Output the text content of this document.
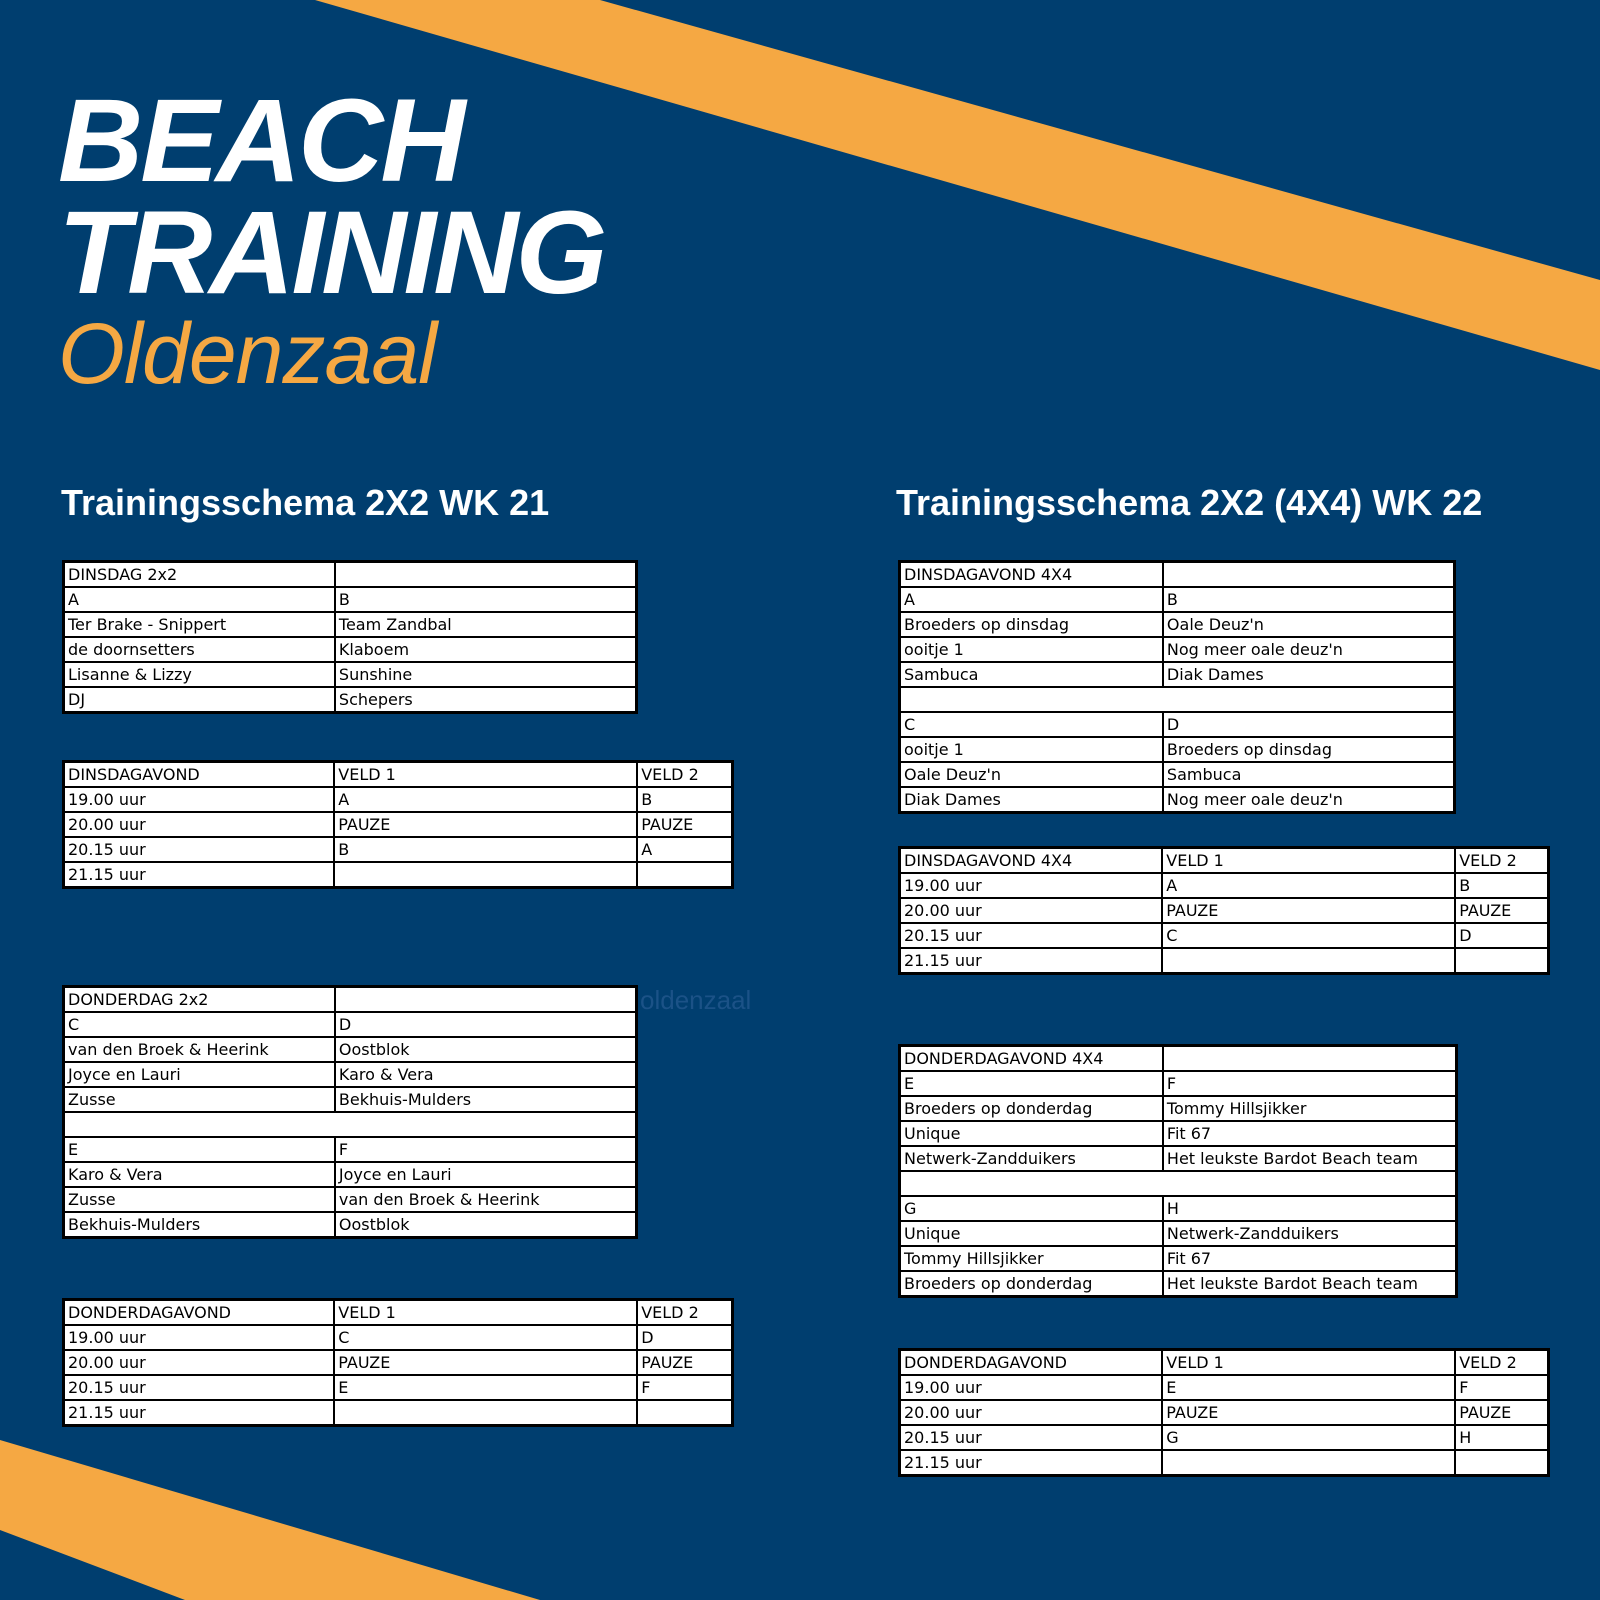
BEACH
TRAINING
Oldenzaal
Trainingsschema 2X2 WK 21	Trainingsschema 2X2 (4X4) WK 22
oldenzaal
DINSDAG 2x2	
A	B
Ter Brake - Snippert	Team Zandbal
de doornsetters	Klaboem
Lisanne & Lizzy	Sunshine
DJ	Schepers
DINSDAGAVOND	VELD 1	VELD 2
19.00 uur	A	B
20.00 uur	PAUZE	PAUZE
20.15 uur	B	A
21.15 uur		
DONDERDAG 2x2	
C	D
van den Broek & Heerink	Oostblok
Joyce en Lauri	Karo & Vera
Zusse	Bekhuis-Mulders

E	F
Karo & Vera	Joyce en Lauri
Zusse	van den Broek & Heerink
Bekhuis-Mulders	Oostblok
DONDERDAGAVOND	VELD 1	VELD 2
19.00 uur	C	D
20.00 uur	PAUZE	PAUZE
20.15 uur	E	F
21.15 uur		
DINSDAGAVOND 4X4	
A	B
Broeders op dinsdag	Oale Deuz'n
ooitje 1	Nog meer oale deuz'n
Sambuca	Diak Dames

C	D
ooitje 1	Broeders op dinsdag
Oale Deuz'n	Sambuca
Diak Dames	Nog meer oale deuz'n
DINSDAGAVOND 4X4	VELD 1	VELD 2
19.00 uur	A	B
20.00 uur	PAUZE	PAUZE
20.15 uur	C	D
21.15 uur		
DONDERDAGAVOND 4X4	
E	F
Broeders op donderdag	Tommy Hillsjikker
Unique	Fit 67
Netwerk-Zandduikers	Het leukste Bardot Beach team

G	H
Unique	Netwerk-Zandduikers
Tommy Hillsjikker	Fit 67
Broeders op donderdag	Het leukste Bardot Beach team
DONDERDAGAVOND	VELD 1	VELD 2
19.00 uur	E	F
20.00 uur	PAUZE	PAUZE
20.15 uur	G	H
21.15 uur		
